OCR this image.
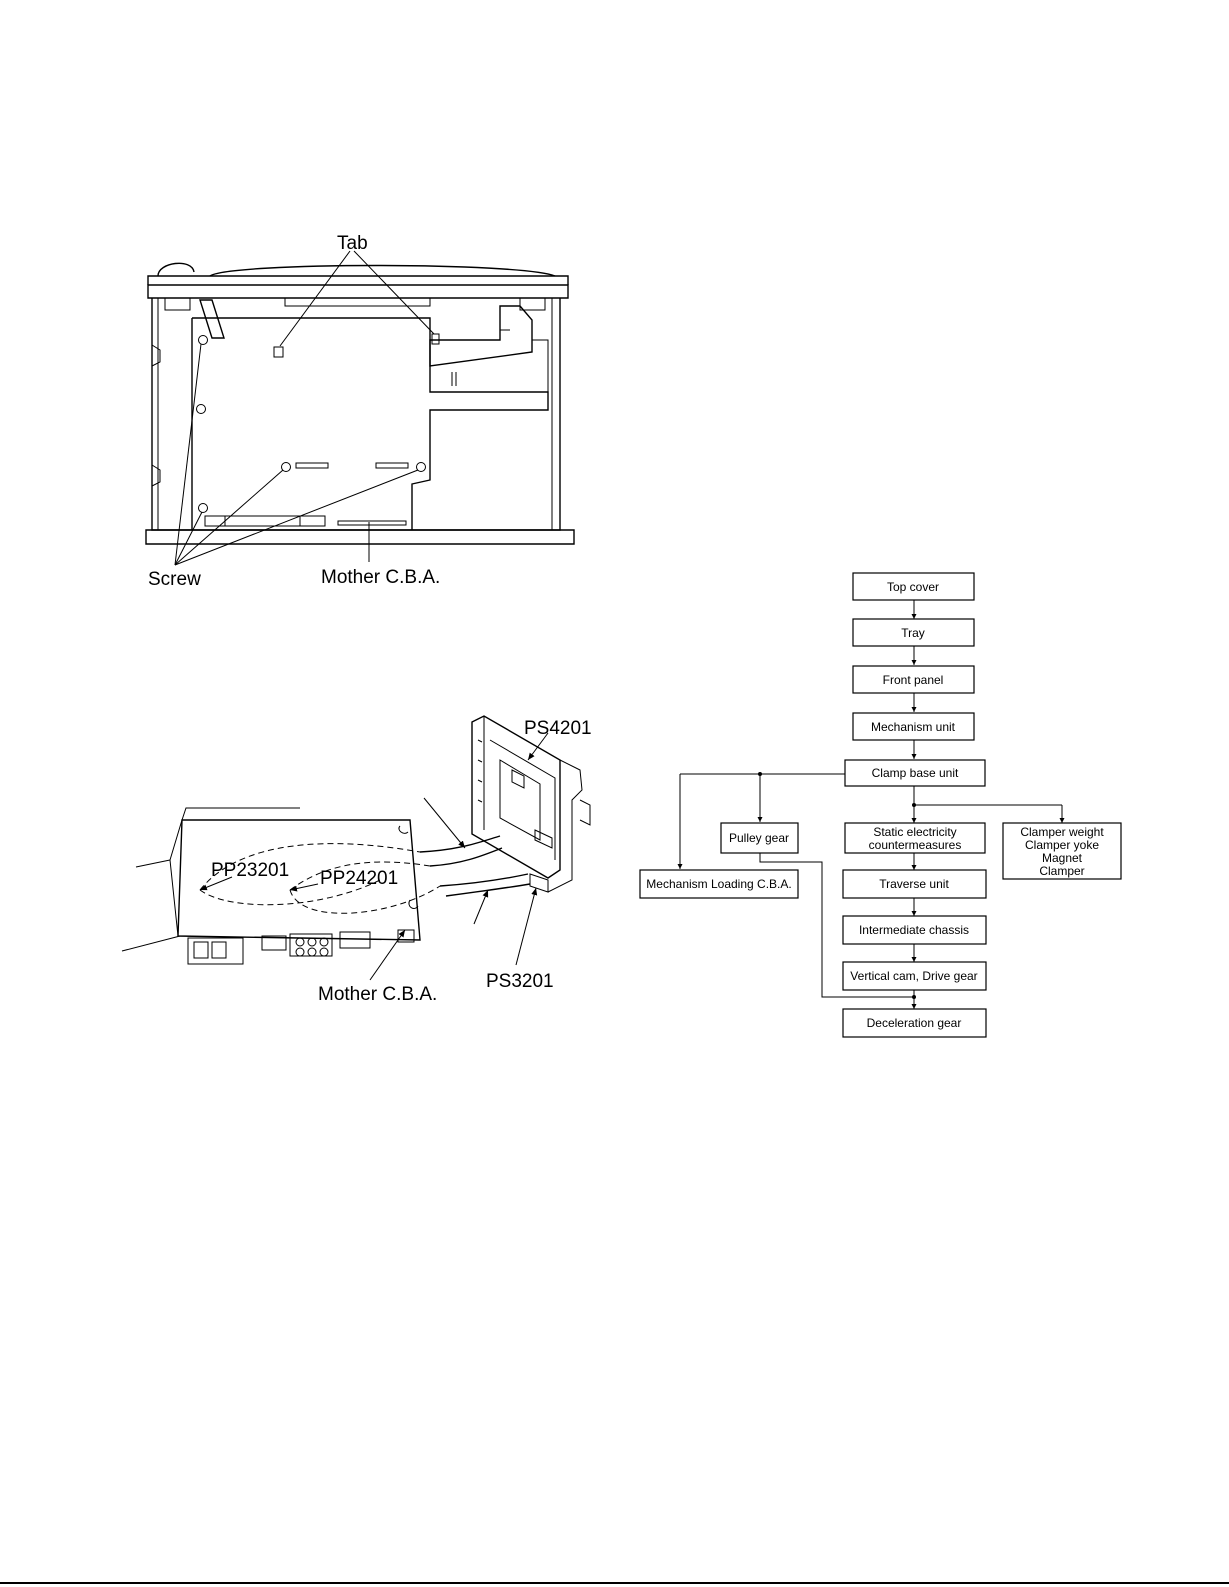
Tab
Screw	Mother C.B.A.
PS4201
PP23201 PP24201
Mother C.B.A.
PS3201
Top cover
Tray
Front panel
Mechanism unit
Clamp base unit
Pulley gear
Mechanism Loading C.B.A.
Static electricity
countermeasures
Clamper weight
Clamper yoke
Magnet
Clamper
Traverse unit
Intermediate chassis
Vertical cam, Drive gear
Deceleration gear
